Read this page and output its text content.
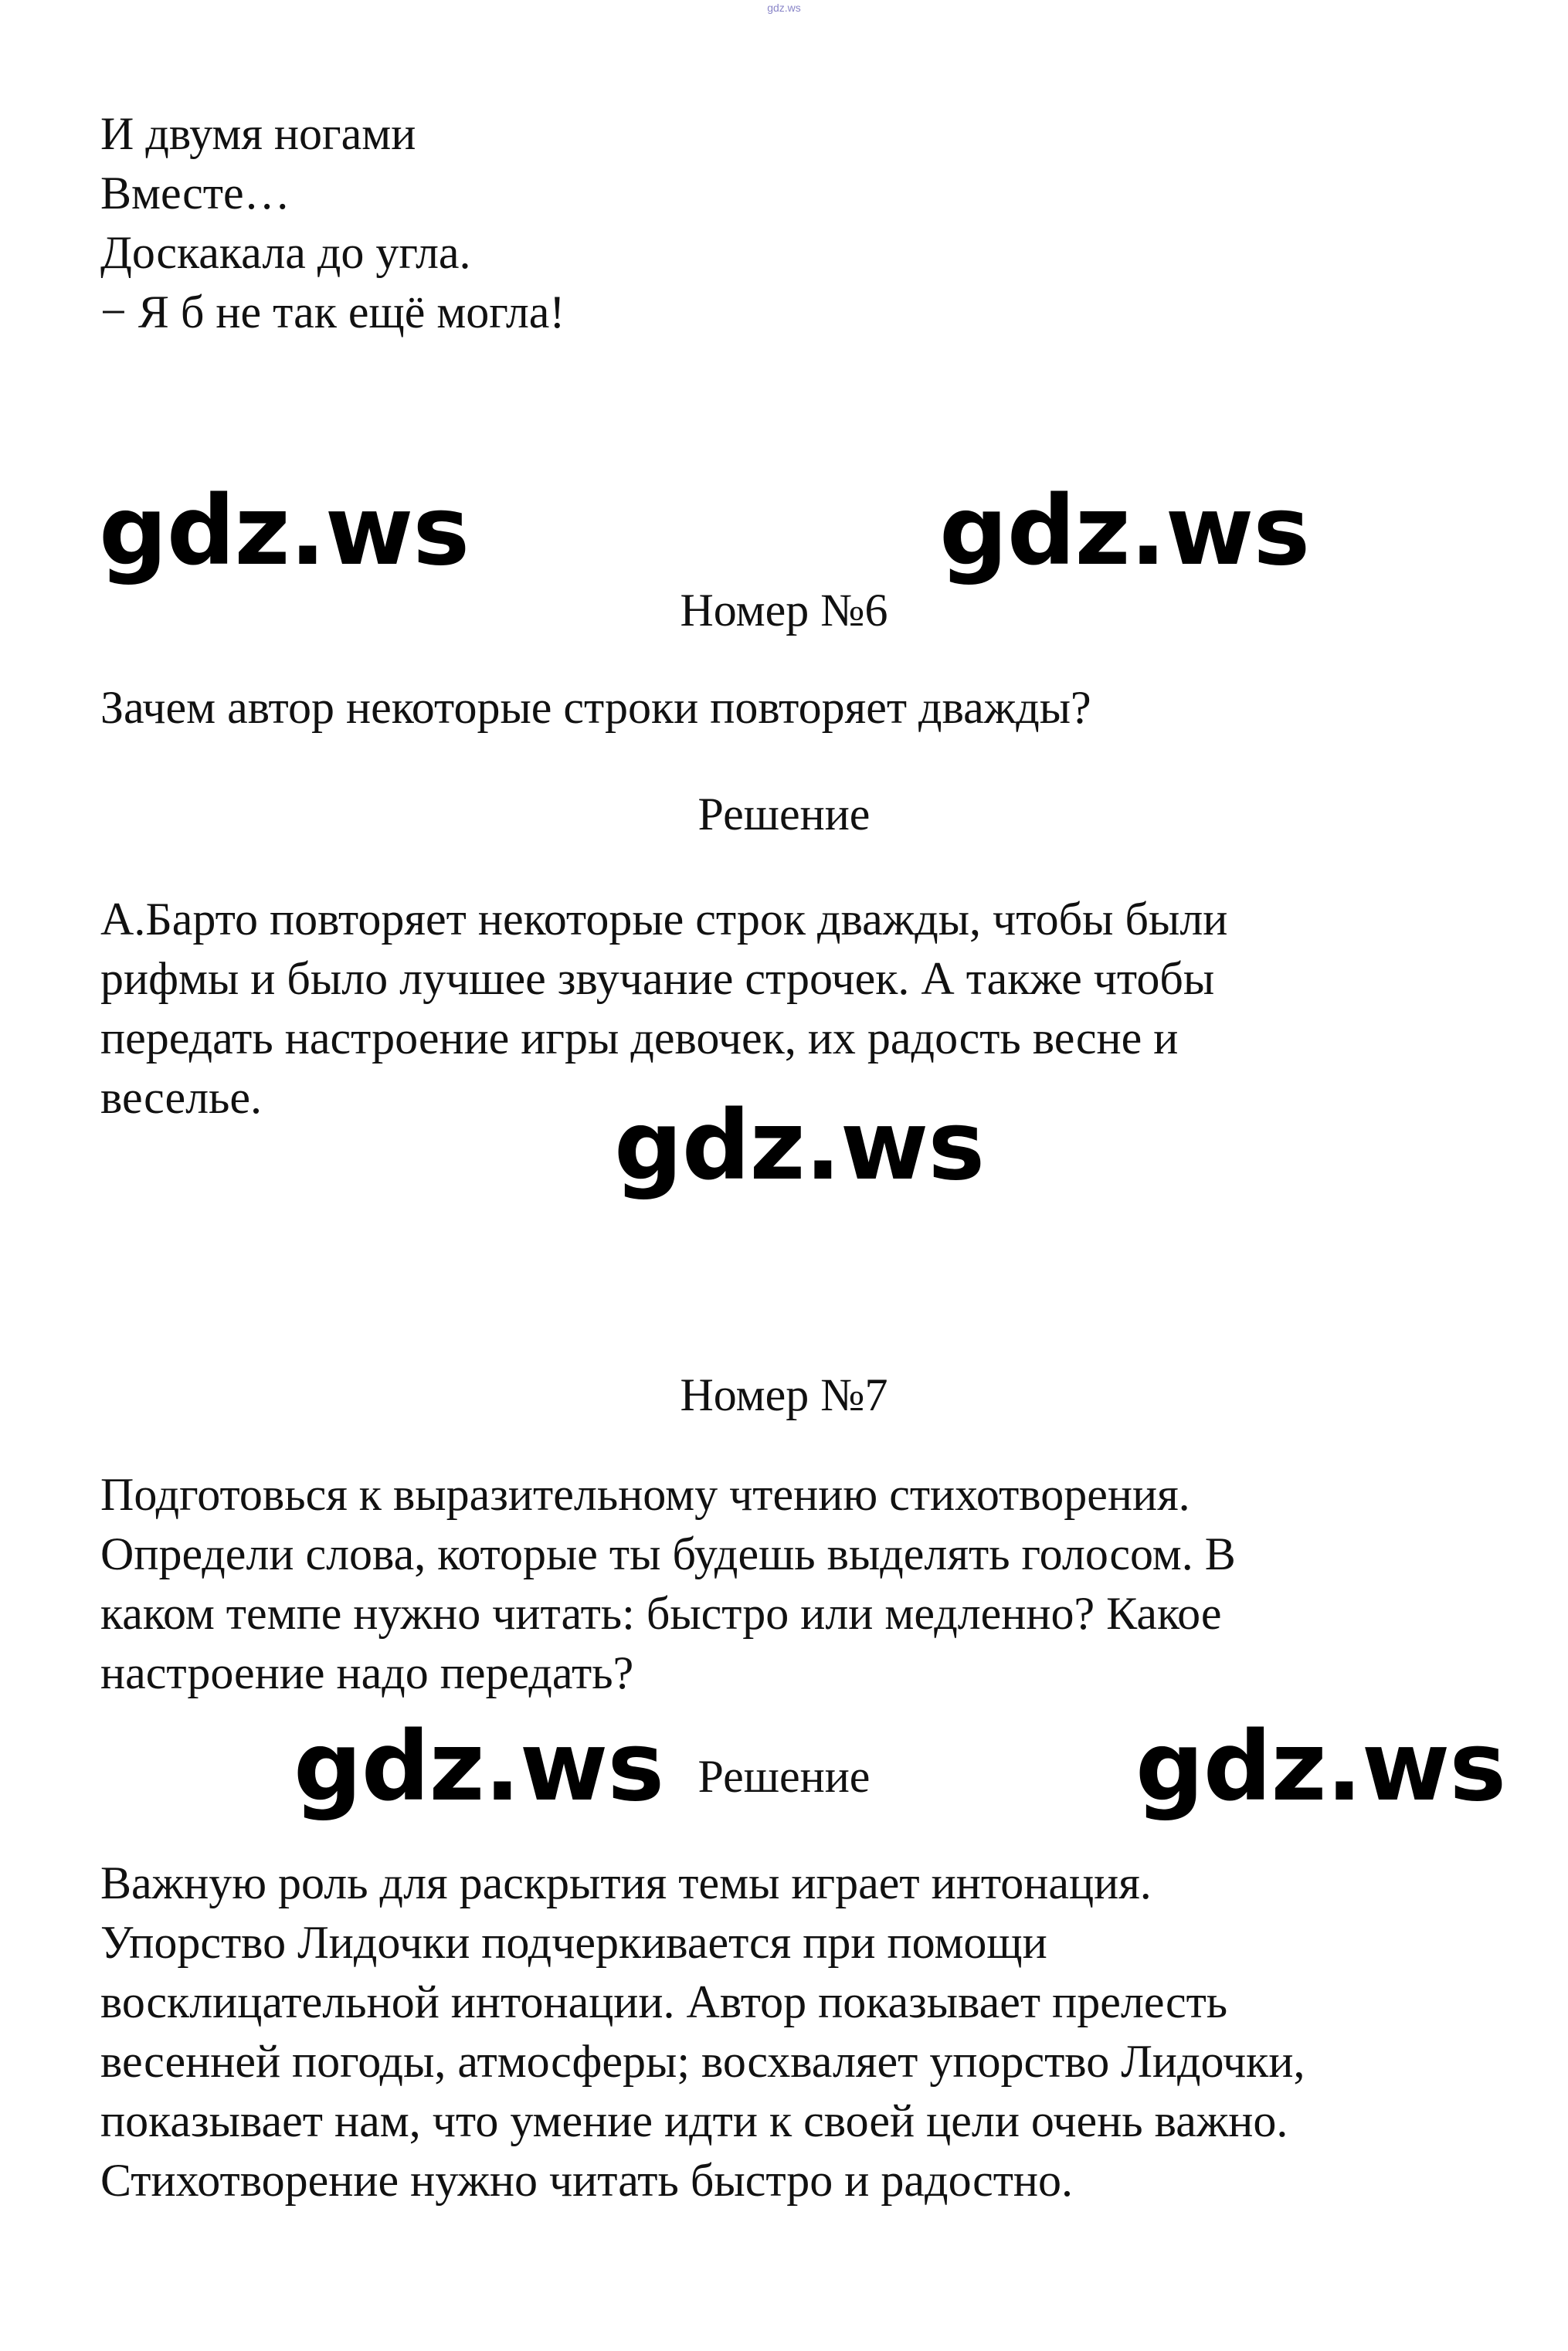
gdz.ws
И двумя ногами
Вместе…
Доскакала до угла.
− Я б не так ещё могла!
gdz.ws	gdz.ws
Номер №6
Зачем автор некоторые строки повторяет дважды?
Решение
А.Барто повторяет некоторые строк дважды, чтобы были
рифмы и было лучшее звучание строчек. А также чтобы
передать настроение игры девочек, их радость весне и
веселье.	gdz.ws
Номер №7
Подготовься к выразительному чтению стихотворения.
Определи слова, которые ты будешь выделять голосом. В
каком темпе нужно читать: быстро или медленно? Какое
настроение надо передать?
gdz.ws Решение	gdz.ws
Важную роль для раскрытия темы играет интонация.
Упорство Лидочки подчеркивается при помощи
восклицательной интонации. Автор показывает прелесть
весенней погоды, атмосферы; восхваляет упорство Лидочки,
показывает нам, что умение идти к своей цели очень важно.
Стихотворение нужно читать быстро и радостно.
